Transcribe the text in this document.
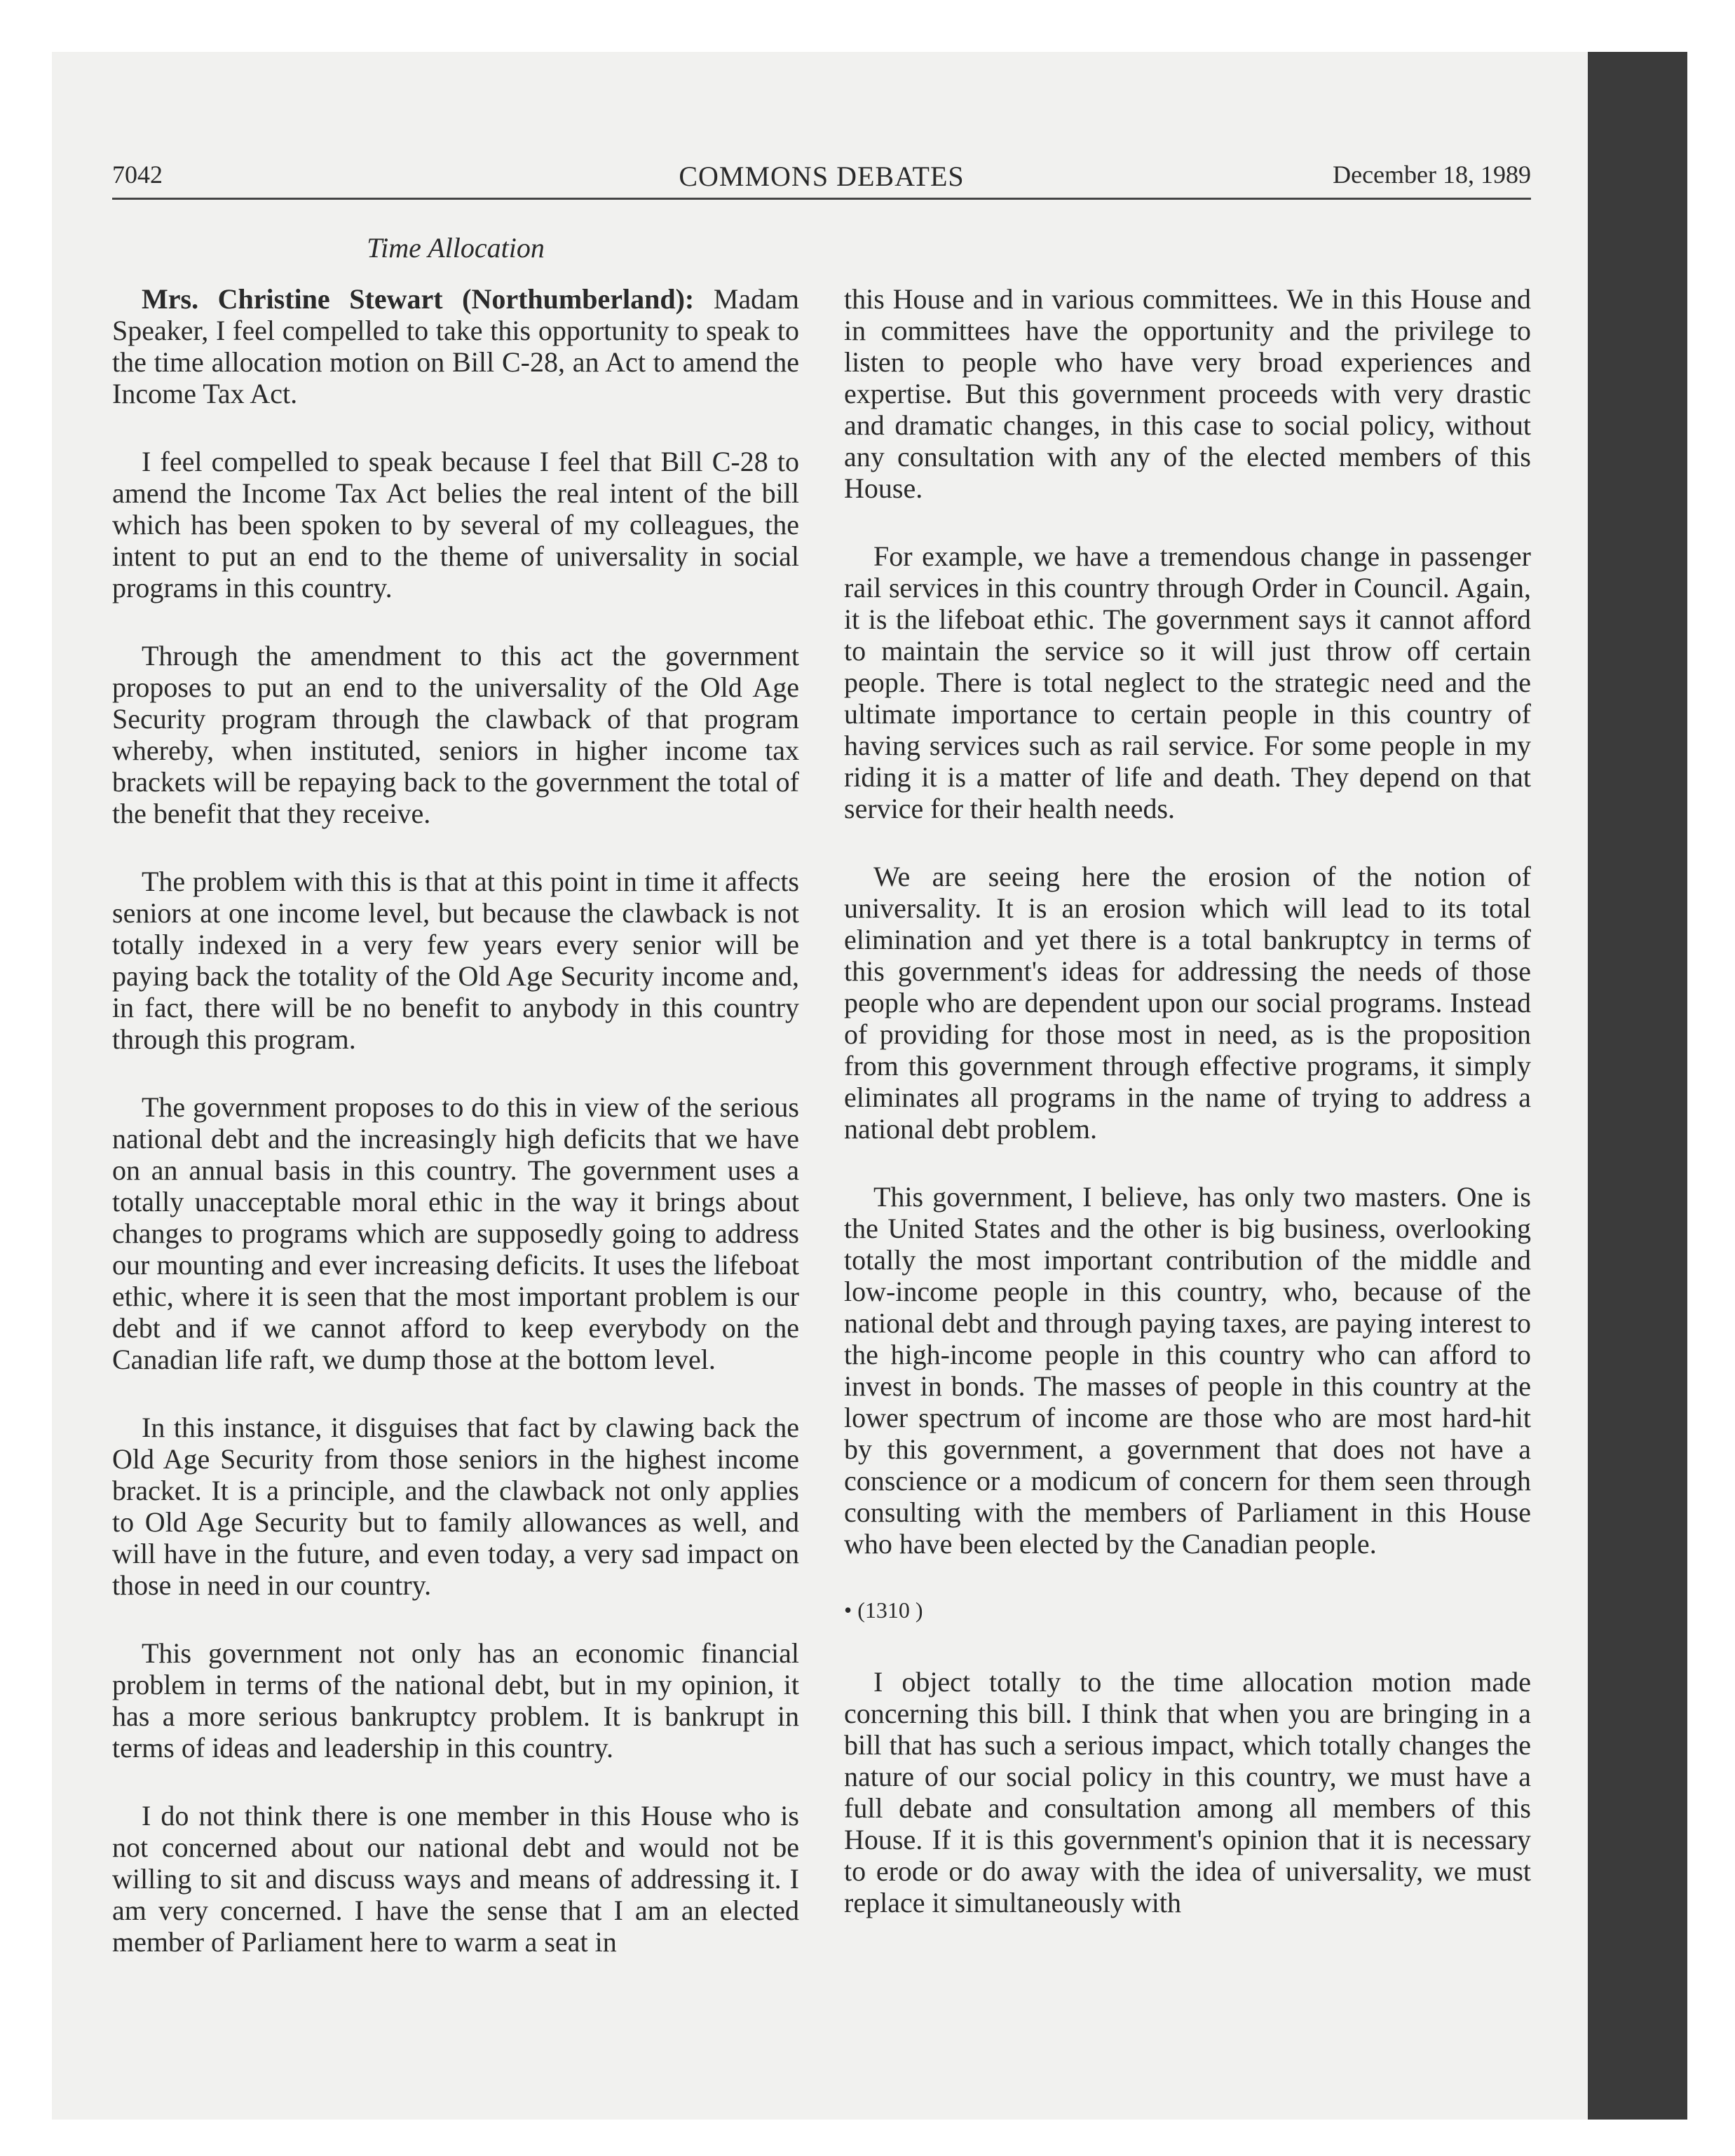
7042	COMMONS DEBATES	December 18, 1989
Time Allocation

Mrs. Christine Stewart (Northumberland): Madam Speaker, I feel compelled to take this opportunity to speak to the time allocation motion on Bill C-28, an Act to amend the Income Tax Act.

I feel compelled to speak because I feel that Bill C-28 to amend the Income Tax Act belies the real intent of the bill which has been spoken to by several of my colleagues, the intent to put an end to the theme of universality in social programs in this country.

Through the amendment to this act the government proposes to put an end to the universality of the Old Age Security program through the clawback of that program whereby, when instituted, seniors in higher income tax brackets will be repaying back to the government the total of the benefit that they receive.

The problem with this is that at this point in time it affects seniors at one income level, but because the clawback is not totally indexed in a very few years every senior will be paying back the totality of the Old Age Security income and, in fact, there will be no benefit to anybody in this country through this program.

The government proposes to do this in view of the serious national debt and the increasingly high deficits that we have on an annual basis in this country. The government uses a totally unacceptable moral ethic in the way it brings about changes to programs which are supposedly going to address our mounting and ever increasing deficits. It uses the lifeboat ethic, where it is seen that the most important problem is our debt and if we cannot afford to keep everybody on the Canadian life raft, we dump those at the bottom level.

In this instance, it disguises that fact by clawing back the Old Age Security from those seniors in the highest income bracket. It is a principle, and the clawback not only applies to Old Age Security but to family allowances as well, and will have in the future, and even today, a very sad impact on those in need in our country.

This government not only has an economic financial problem in terms of the national debt, but in my opinion, it has a more serious bankruptcy problem. It is bankrupt in terms of ideas and leadership in this country.

I do not think there is one member in this House who is not concerned about our national debt and would not be willing to sit and discuss ways and means of addressing it. I am very concerned. I have the sense that I am an elected member of Parliament here to warm a seat in

this House and in various committees. We in this House and in committees have the opportunity and the privilege to listen to people who have very broad experiences and expertise. But this government proceeds with very drastic and dramatic changes, in this case to social policy, without any consultation with any of the elected members of this House.

For example, we have a tremendous change in passenger rail services in this country through Order in Council. Again, it is the lifeboat ethic. The government says it cannot afford to maintain the service so it will just throw off certain people. There is total neglect to the strategic need and the ultimate importance to certain people in this country of having services such as rail service. For some people in my riding it is a matter of life and death. They depend on that service for their health needs.

We are seeing here the erosion of the notion of universality. It is an erosion which will lead to its total elimination and yet there is a total bankruptcy in terms of this government's ideas for addressing the needs of those people who are dependent upon our social programs. Instead of providing for those most in need, as is the proposition from this government through effective programs, it simply eliminates all programs in the name of trying to address a national debt problem.

This government, I believe, has only two masters. One is the United States and the other is big business, overlooking totally the most important contribution of the middle and low-income people in this country, who, because of the national debt and through paying taxes, are paying interest to the high-income people in this country who can afford to invest in bonds. The masses of people in this country at the lower spectrum of income are those who are most hard-hit by this government, a government that does not have a conscience or a modicum of concern for them seen through consulting with the members of Parliament in this House who have been elected by the Canadian people.

• (1310 )

I object totally to the time allocation motion made concerning this bill. I think that when you are bringing in a bill that has such a serious impact, which totally changes the nature of our social policy in this country, we must have a full debate and consultation among all members of this House. If it is this government's opinion that it is necessary to erode or do away with the idea of universality, we must replace it simultaneously with
